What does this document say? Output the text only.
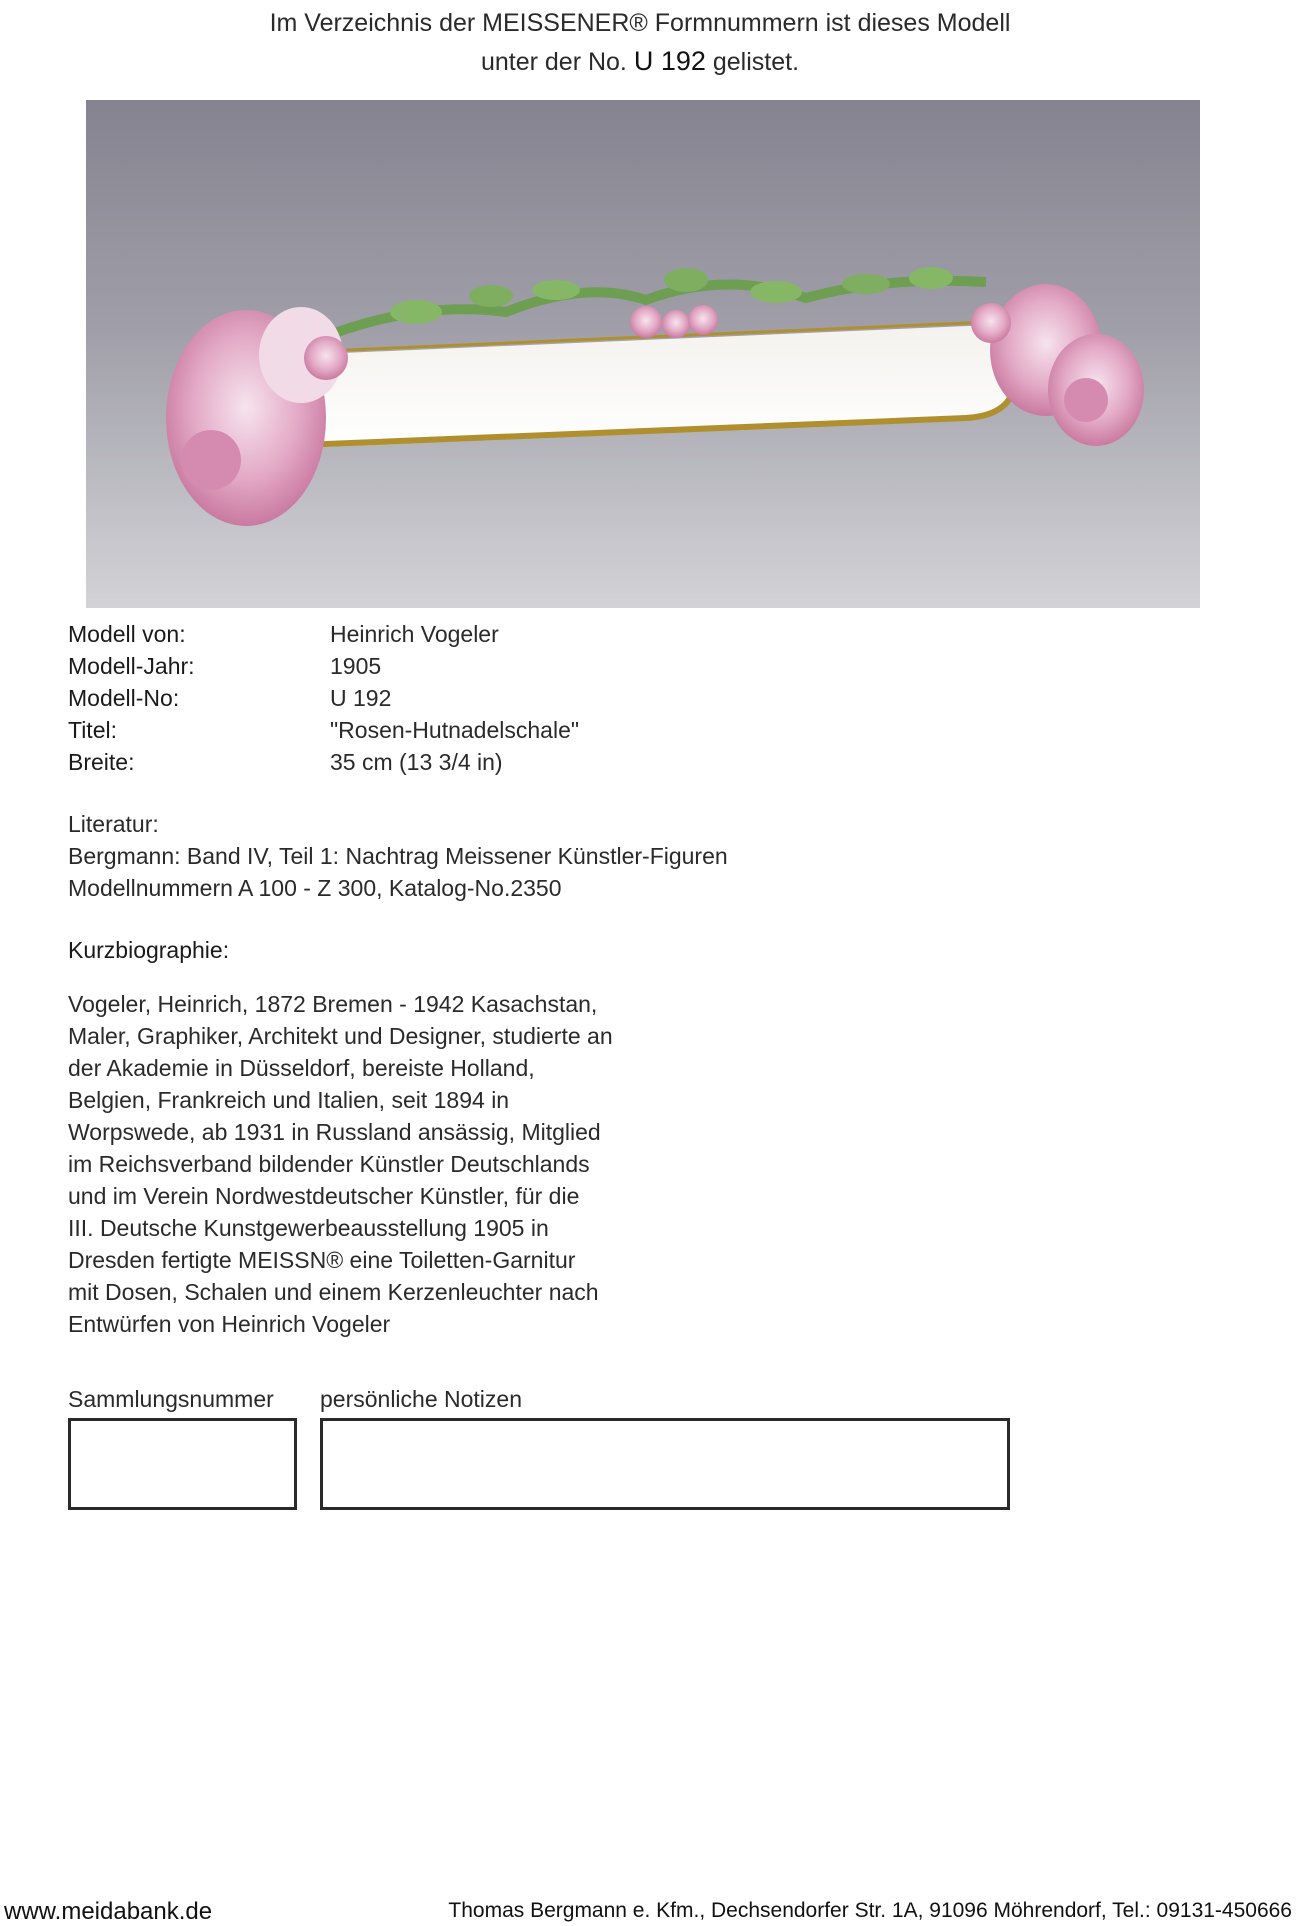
Im Verzeichnis der MEISSENER® Formnummern ist dieses Modell
unter der No. U 192 gelistet.
Modell von:	Heinrich Vogeler
Modell-Jahr:	1905
Modell-No:	U 192
Titel:	"Rosen-Hutnadelschale"
Breite:	35 cm (13 3/4 in)
Literatur:
Bergmann: Band IV, Teil 1: Nachtrag Meissener Künstler-Figuren
Modellnummern A 100 - Z 300, Katalog-No.2350
Kurzbiographie:
Vogeler, Heinrich, 1872 Bremen - 1942 Kasachstan,
Maler, Graphiker, Architekt und Designer, studierte an
der Akademie in Düsseldorf, bereiste Holland,
Belgien, Frankreich und Italien, seit 1894 in
Worpswede, ab 1931 in Russland ansässig, Mitglied
im Reichsverband bildender Künstler Deutschlands
und im Verein Nordwestdeutscher Künstler, für die
III. Deutsche Kunstgewerbeausstellung 1905 in
Dresden fertigte MEISSN® eine Toiletten-Garnitur
mit Dosen, Schalen und einem Kerzenleuchter nach
Entwürfen von Heinrich Vogeler
Sammlungsnummer persönliche Notizen
www.meidabank.de	Thomas Bergmann e. Kfm., Dechsendorfer Str. 1A, 91096 Möhrendorf, Tel.: 09131-450666
